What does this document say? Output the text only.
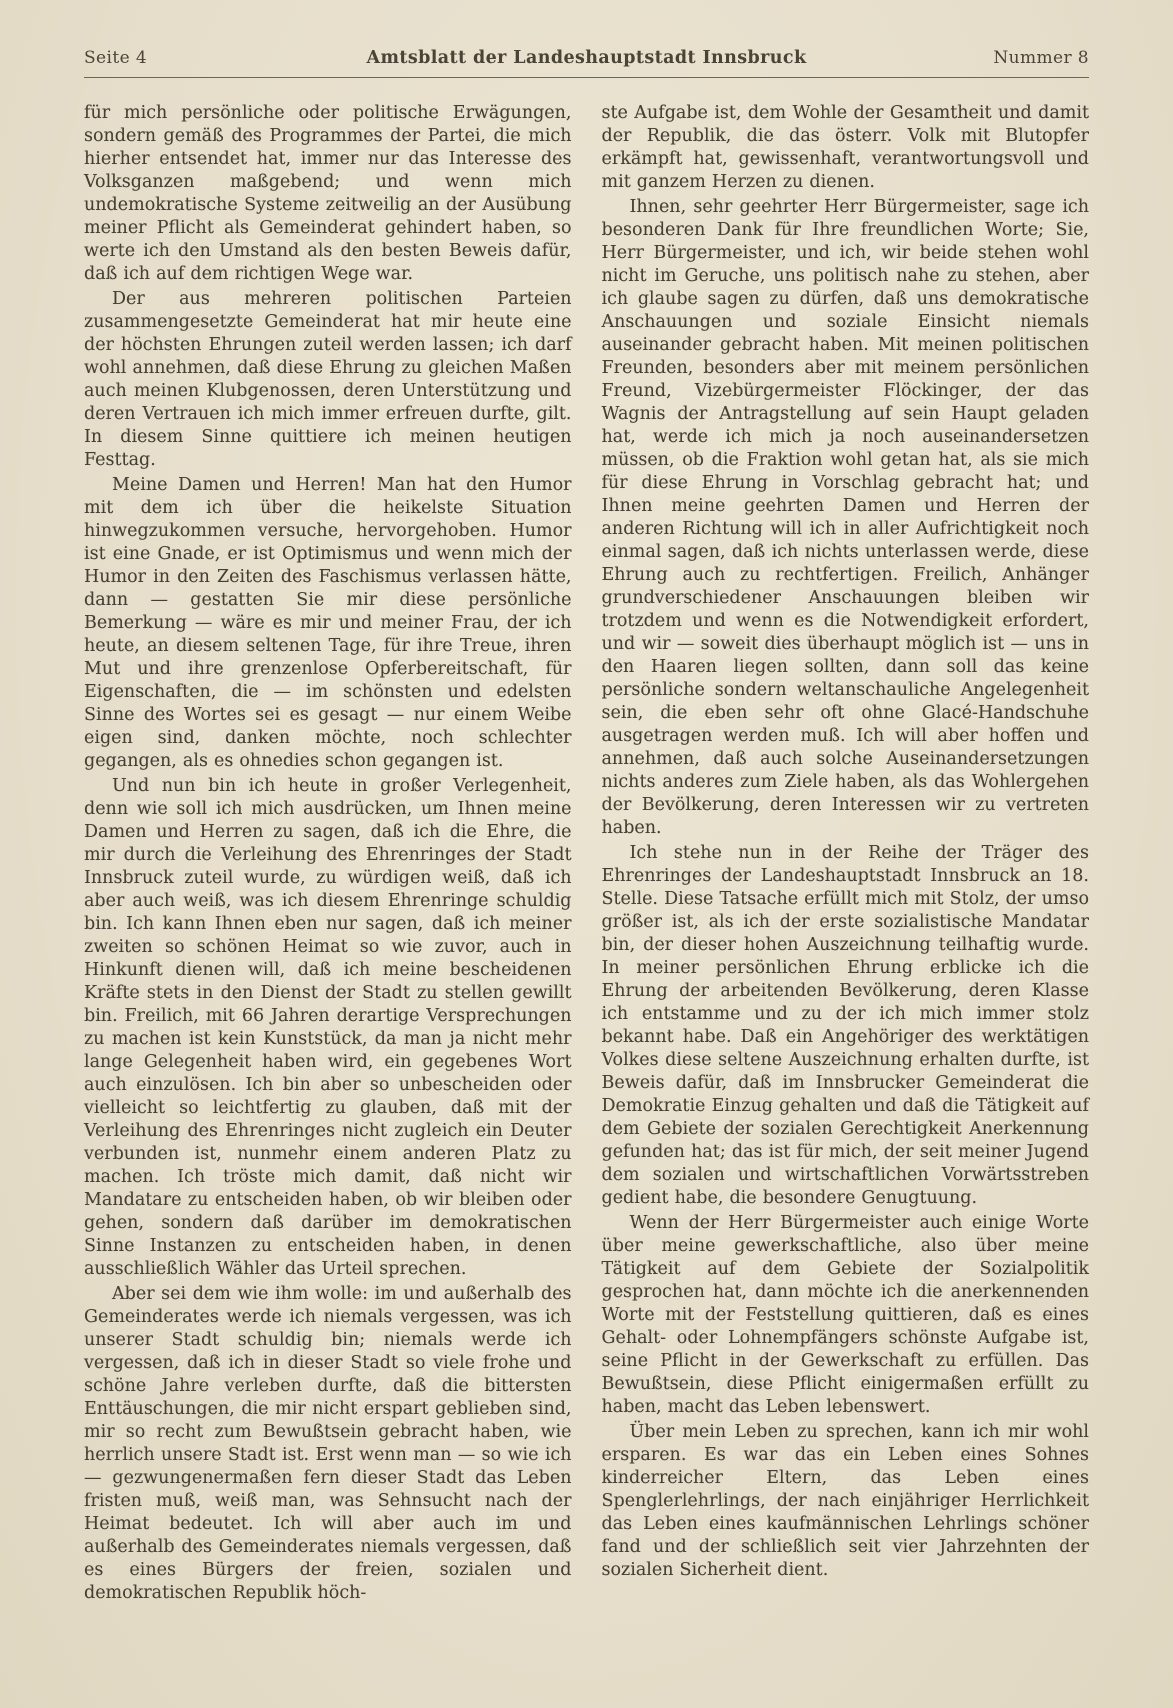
Seite 4	Amtsblatt der Landeshauptstadt Innsbruck	Nummer 8

für mich persönliche oder politische Erwägungen, sondern gemäß des Programmes der Partei, die mich hierher entsendet hat, immer nur das Interesse des Volksganzen maßgebend; und wenn mich undemokratische Systeme zeitweilig an der Ausübung meiner Pflicht als Gemeinderat gehindert haben, so werte ich den Umstand als den besten Beweis dafür, daß ich auf dem richtigen Wege war.

Der aus mehreren politischen Parteien zusammengesetzte Gemeinderat hat mir heute eine der höchsten Ehrungen zuteil werden lassen; ich darf wohl annehmen, daß diese Ehrung zu gleichen Maßen auch meinen Klubgenossen, deren Unterstützung und deren Vertrauen ich mich immer erfreuen durfte, gilt. In diesem Sinne quittiere ich meinen heutigen Festtag.

Meine Damen und Herren! Man hat den Humor mit dem ich über die heikelste Situation hinwegzukommen versuche, hervorgehoben. Humor ist eine Gnade, er ist Optimismus und wenn mich der Humor in den Zeiten des Faschismus verlassen hätte, dann — gestatten Sie mir diese persönliche Bemerkung — wäre es mir und meiner Frau, der ich heute, an diesem seltenen Tage, für ihre Treue, ihren Mut und ihre grenzenlose Opferbereitschaft, für Eigenschaften, die — im schönsten und edelsten Sinne des Wortes sei es gesagt — nur einem Weibe eigen sind, danken möchte, noch schlechter gegangen, als es ohnedies schon gegangen ist.

Und nun bin ich heute in großer Verlegenheit, denn wie soll ich mich ausdrücken, um Ihnen meine Damen und Herren zu sagen, daß ich die Ehre, die mir durch die Verleihung des Ehrenringes der Stadt Innsbruck zuteil wurde, zu würdigen weiß, daß ich aber auch weiß, was ich diesem Ehrenringe schuldig bin. Ich kann Ihnen eben nur sagen, daß ich meiner zweiten so schönen Heimat so wie zuvor, auch in Hinkunft dienen will, daß ich meine bescheidenen Kräfte stets in den Dienst der Stadt zu stellen gewillt bin. Freilich, mit 66 Jahren derartige Versprechungen zu machen ist kein Kunststück, da man ja nicht mehr lange Gelegenheit haben wird, ein gegebenes Wort auch einzulösen. Ich bin aber so unbescheiden oder vielleicht so leichtfertig zu glauben, daß mit der Verleihung des Ehrenringes nicht zugleich ein Deuter verbunden ist, nunmehr einem anderen Platz zu machen. Ich tröste mich damit, daß nicht wir Mandatare zu entscheiden haben, ob wir bleiben oder gehen, sondern daß darüber im demokratischen Sinne Instanzen zu entscheiden haben, in denen ausschließlich Wähler das Urteil sprechen.

Aber sei dem wie ihm wolle: im und außerhalb des Gemeinderates werde ich niemals vergessen, was ich unserer Stadt schuldig bin; niemals werde ich vergessen, daß ich in dieser Stadt so viele frohe und schöne Jahre verleben durfte, daß die bittersten Enttäuschungen, die mir nicht erspart geblieben sind, mir so recht zum Bewußtsein gebracht haben, wie herrlich unsere Stadt ist. Erst wenn man — so wie ich — gezwungenermaßen fern dieser Stadt das Leben fristen muß, weiß man, was Sehnsucht nach der Heimat bedeutet. Ich will aber auch im und außerhalb des Gemeinderates niemals vergessen, daß es eines Bürgers der freien, sozialen und demokratischen Republik höch-

ste Aufgabe ist, dem Wohle der Gesamtheit und damit der Republik, die das österr. Volk mit Blutopfer erkämpft hat, gewissenhaft, verantwortungsvoll und mit ganzem Herzen zu dienen.

Ihnen, sehr geehrter Herr Bürgermeister, sage ich besonderen Dank für Ihre freundlichen Worte; Sie, Herr Bürgermeister, und ich, wir beide stehen wohl nicht im Geruche, uns politisch nahe zu stehen, aber ich glaube sagen zu dürfen, daß uns demokratische Anschauungen und soziale Einsicht niemals auseinander gebracht haben. Mit meinen politischen Freunden, besonders aber mit meinem persönlichen Freund, Vizebürgermeister Flöckinger, der das Wagnis der Antragstellung auf sein Haupt geladen hat, werde ich mich ja noch auseinandersetzen müssen, ob die Fraktion wohl getan hat, als sie mich für diese Ehrung in Vorschlag gebracht hat; und Ihnen meine geehrten Damen und Herren der anderen Richtung will ich in aller Aufrichtigkeit noch einmal sagen, daß ich nichts unterlassen werde, diese Ehrung auch zu rechtfertigen. Freilich, Anhänger grundverschiedener Anschauungen bleiben wir trotzdem und wenn es die Notwendigkeit erfordert, und wir — soweit dies überhaupt möglich ist — uns in den Haaren liegen sollten, dann soll das keine persönliche sondern weltanschauliche Angelegenheit sein, die eben sehr oft ohne Glacé-Handschuhe ausgetragen werden muß. Ich will aber hoffen und annehmen, daß auch solche Auseinandersetzungen nichts anderes zum Ziele haben, als das Wohlergehen der Bevölkerung, deren Interessen wir zu vertreten haben.

Ich stehe nun in der Reihe der Träger des Ehrenringes der Landeshauptstadt Innsbruck an 18. Stelle. Diese Tatsache erfüllt mich mit Stolz, der umso größer ist, als ich der erste sozialistische Mandatar bin, der dieser hohen Auszeichnung teilhaftig wurde. In meiner persönlichen Ehrung erblicke ich die Ehrung der arbeitenden Bevölkerung, deren Klasse ich entstamme und zu der ich mich immer stolz bekannt habe. Daß ein Angehöriger des werktätigen Volkes diese seltene Auszeichnung erhalten durfte, ist Beweis dafür, daß im Innsbrucker Gemeinderat die Demokratie Einzug gehalten und daß die Tätigkeit auf dem Gebiete der sozialen Gerechtigkeit Anerkennung gefunden hat; das ist für mich, der seit meiner Jugend dem sozialen und wirtschaftlichen Vorwärtsstreben gedient habe, die besondere Genugtuung.

Wenn der Herr Bürgermeister auch einige Worte über meine gewerkschaftliche, also über meine Tätigkeit auf dem Gebiete der Sozialpolitik gesprochen hat, dann möchte ich die anerkennenden Worte mit der Feststellung quittieren, daß es eines Gehalt- oder Lohnempfängers schönste Aufgabe ist, seine Pflicht in der Gewerkschaft zu erfüllen. Das Bewußtsein, diese Pflicht einigermaßen erfüllt zu haben, macht das Leben lebenswert.

Über mein Leben zu sprechen, kann ich mir wohl ersparen. Es war das ein Leben eines Sohnes kinderreicher Eltern, das Leben eines Spenglerlehrlings, der nach einjähriger Herrlichkeit das Leben eines kaufmännischen Lehrlings schöner fand und der schließlich seit vier Jahrzehnten der sozialen Sicherheit dient.
